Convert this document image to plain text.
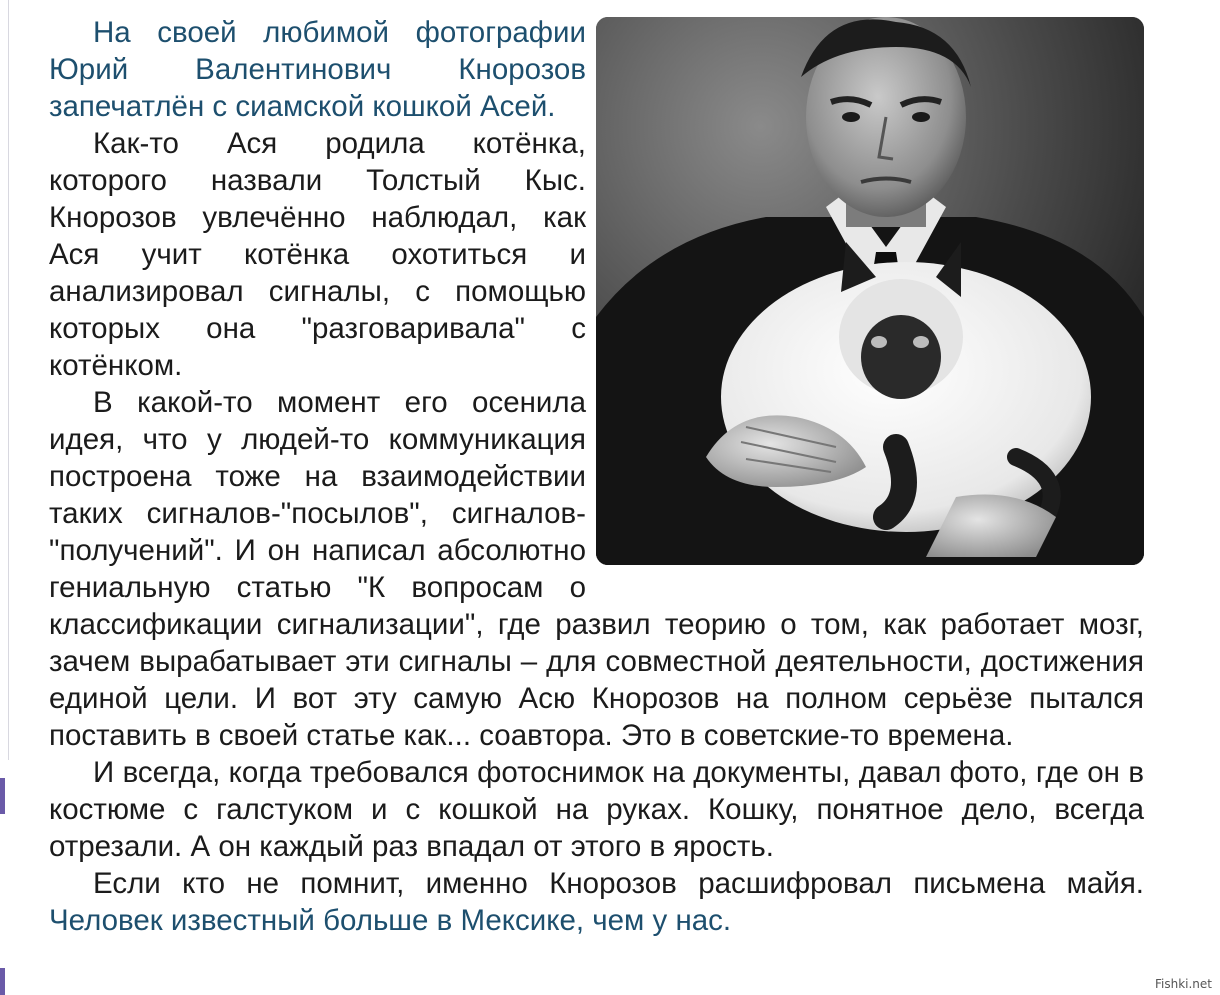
На своей любимой фотографии Юрий Валентинович Кнорозов запечатлён с сиамской кошкой Асей.

Как-то Ася родила котёнка, которого назвали Толстый Кыс. Кнорозов увлечённо наблюдал, как Ася учит котёнка охотиться и анализировал сигналы, с помощью которых она "разговаривала" с котёнком.

В какой-то момент его осенила идея, что у людей-то коммуникация построена тоже на взаимодействии таких сигналов-"посылов", сигналов-"получений". И он написал абсолютно гениальную статью "К вопросам о классификации сигнализации", где развил теорию о том, как работает мозг, зачем вырабатывает эти сигналы – для совместной деятельности, достижения единой цели. И вот эту самую Асю Кнорозов на полном серьёзе пытался поставить в своей статье как... соавтора. Это в советские-то времена.

И всегда, когда требовался фотоснимок на документы, давал фото, где он в костюме с галстуком и с кошкой на руках. Кошку, понятное дело, всегда отрезали. А он каждый раз впадал от этого в ярость.

Если кто не помнит, именно Кнорозов расшифровал письмена майя. Человек известный больше в Мексике, чем у нас.

Fishki.net
